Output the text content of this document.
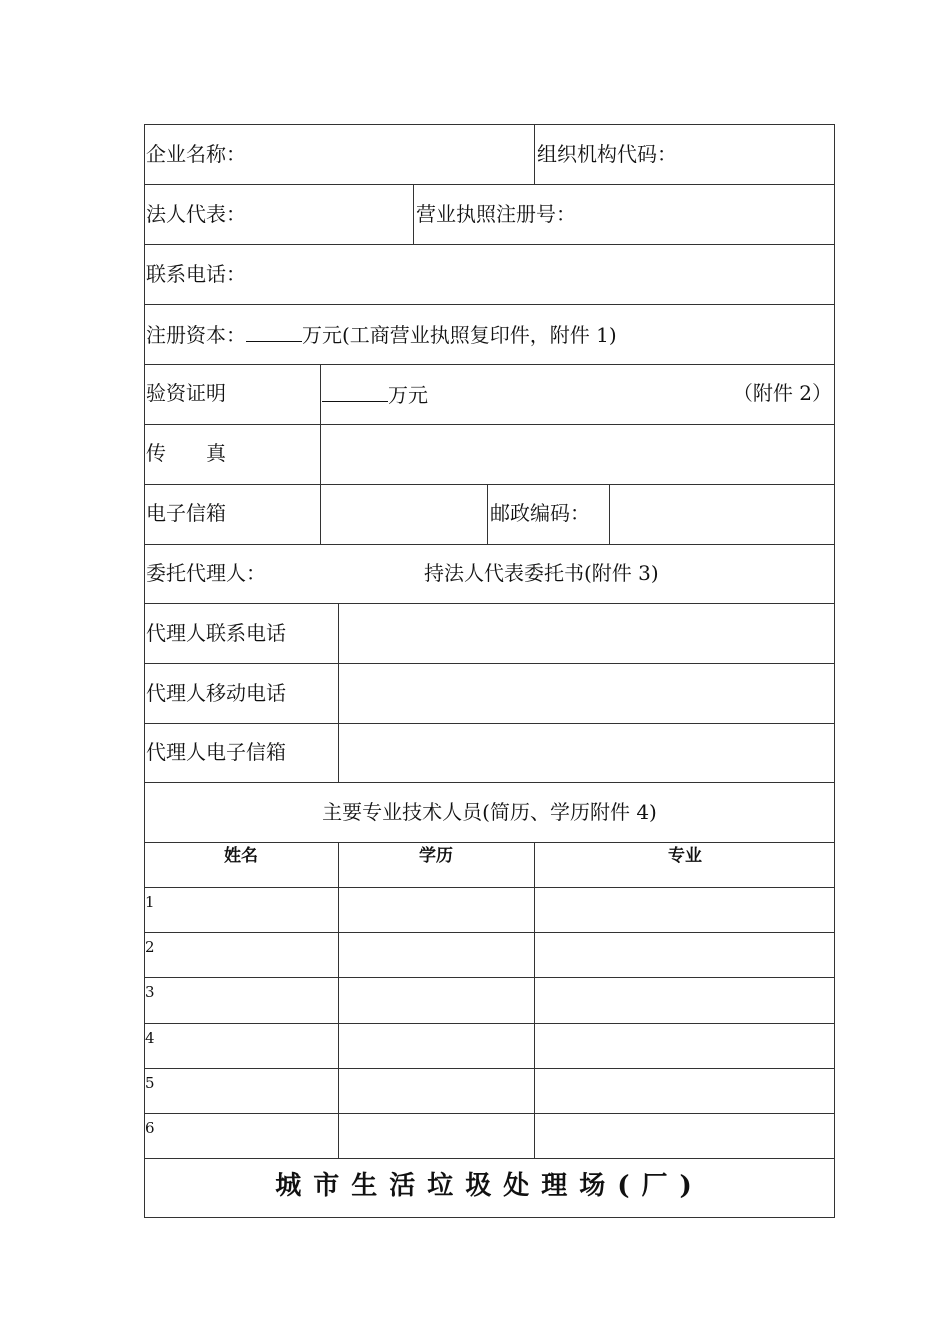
企业名称：	组织机构代码：
法人代表：	营业执照注册号：
联系电话：
注册资本：	万元(工商营业执照复印件，附件 1)
验资证明	万元	（附件 2）
传　　真
电子信箱	邮政编码：
委托代理人：	持法人代表委托书(附件 3)
代理人联系电话
代理人移动电话
代理人电子信箱
主要专业技术人员(简历、学历附件 4)
姓名	学历	专业
1
2
3
4
5
6
城市生活垃圾处理场(厂)
